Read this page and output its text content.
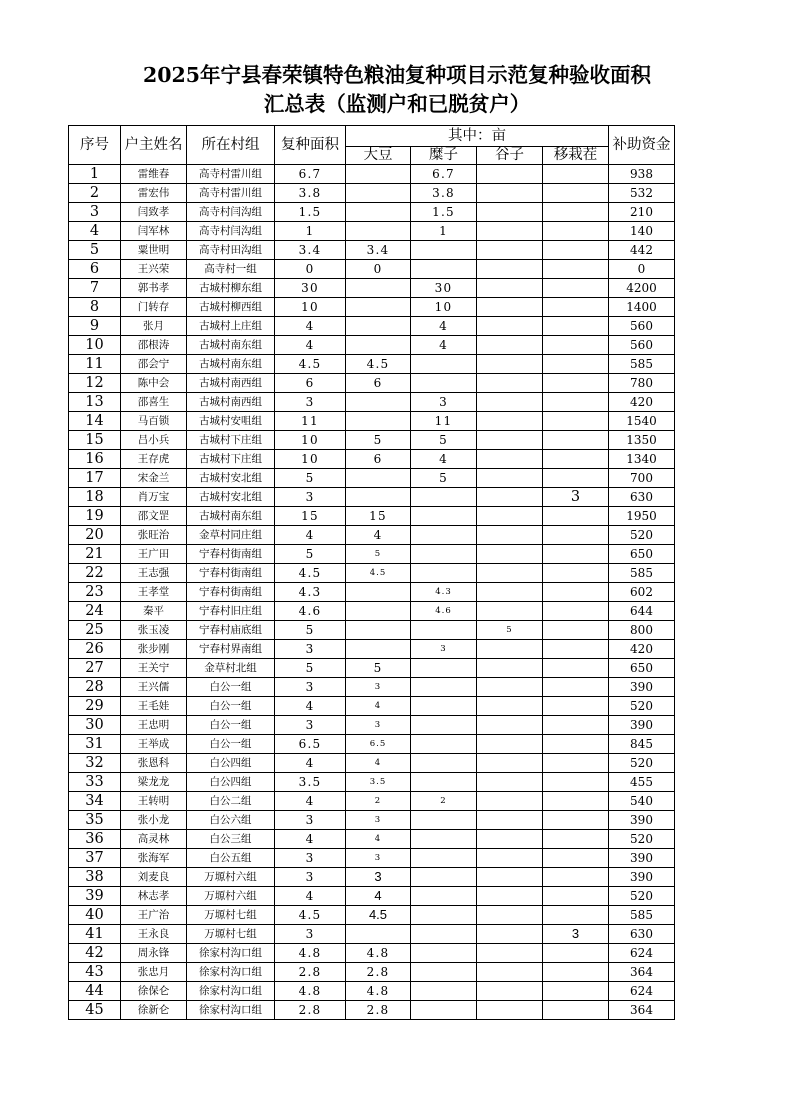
2025年宁县春荣镇特色粮油复种项目示范复种验收面积
汇总表（监测户和已脱贫户）
序号	户主姓名	所在村组	复种面积	其中：亩				补助资金
				大豆	糜子	谷子	移栽茬	
1	雷维春	高寺村雷川组	6.7		6.7			938
2	雷宏伟	高寺村雷川组	3.8		3.8			532
3	闫致孝	高寺村闫沟组	1.5		1.5			210
4	闫军林	高寺村闫沟组	1		1			140
5	粟世明	高寺村田沟组	3.4	3.4				442
6	王兴荣	高寺村一组	0	0				0
7	郭书孝	古城村柳东组	30		30			4200
8	门转存	古城村柳西组	10		10			1400
9	张月	古城村上庄组	4		4			560
10	邵根涛	古城村南东组	4		4			560
11	邵会宁	古城村南东组	4.5	4.5				585
12	陈中会	古城村南西组	6	6				780
13	邵喜生	古城村南西组	3		3			420
14	马百锁	古城村安咀组	11		11			1540
15	吕小兵	古城村下庄组	10	5	5			1350
16	王存虎	古城村下庄组	10	6	4			1340
17	宋金兰	古城村安北组	5		5			700
18	肖万宝	古城村安北组	3				3	630
19	邵文罡	古城村南东组	15	15				1950
20	张旺治	金草村同庄组	4	4				520
21	王广田	宁春村街南组	5	5				650
22	王志强	宁春村街南组	4.5	4.5				585
23	王孝堂	宁春村街南组	4.3		4.3			602
24	秦平	宁春村旧庄组	4.6		4.6			644
25	张玉凌	宁春村庙底组	5			5		800
26	张步刚	宁春村界南组	3		3			420
27	王关宁	金草村北组	5	5				650
28	王兴儒	白公一组	3	3				390
29	王毛娃	白公一组	4	4				520
30	王忠明	白公一组	3	3				390
31	王举成	白公一组	6.5	6.5				845
32	张恩科	白公四组	4	4				520
33	梁龙龙	白公四组	3.5	3.5				455
34	王转明	白公二组	4	2	2			540
35	张小龙	白公六组	3	3				390
36	高灵林	白公三组	4	4				520
37	张海军	白公五组	3	3				390
38	刘麦良	万塬村六组	3	3				390
39	林志孝	万塬村六组	4	4				520
40	王广治	万塬村七组	4.5	4.5				585
41	王永良	万塬村七组	3				3	630
42	周永锋	徐家村沟口组	4.8	4.8				624
43	张忠月	徐家村沟口组	2.8	2.8				364
44	徐保仑	徐家村沟口组	4.8	4.8				624
45	徐新仑	徐家村沟口组	2.8	2.8				364
